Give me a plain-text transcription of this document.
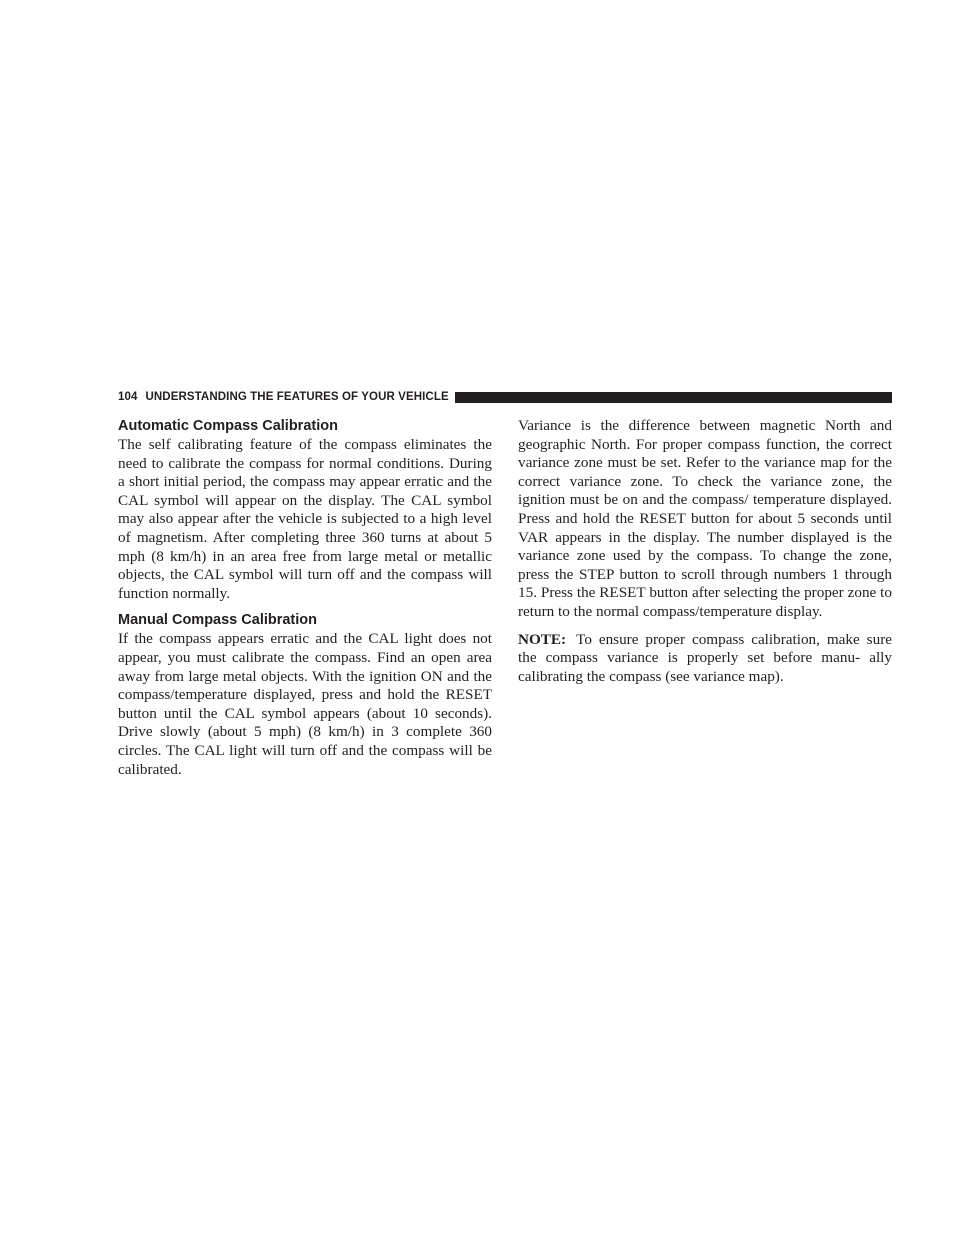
104 UNDERSTANDING THE FEATURES OF YOUR VEHICLE
Automatic Compass Calibration

The self calibrating feature of the compass eliminates the need to calibrate the compass for normal conditions. During a short initial period, the compass may appear erratic and the CAL symbol will appear on the display. The CAL symbol may also appear after the vehicle is subjected to a high level of magnetism. After completing three 360 turns at about 5 mph (8 km/h) in an area free from large metal or metallic objects, the CAL symbol will turn off and the compass will function normally.

Manual Compass Calibration

If the compass appears erratic and the CAL light does not appear, you must calibrate the compass. Find an open area away from large metal objects. With the ignition ON and the compass/temperature displayed, press and hold the RESET button until the CAL symbol appears (about 10 seconds). Drive slowly (about 5 mph) (8 km/h) in 3 complete 360 circles. The CAL light will turn off and the compass will be calibrated.

Variance is the difference between magnetic North and geographic North. For proper compass function, the correct variance zone must be set. Refer to the variance map for the correct variance zone. To check the variance zone, the ignition must be on and the compass/ temperature displayed. Press and hold the RESET button for about 5 seconds until VAR appears in the display. The number displayed is the variance zone used by the compass. To change the zone, press the STEP button to scroll through numbers 1 through 15. Press the RESET button after selecting the proper zone to return to the normal compass/temperature display.

NOTE: To ensure proper compass calibration, make sure the compass variance is properly set before manu- ally calibrating the compass (see variance map).
